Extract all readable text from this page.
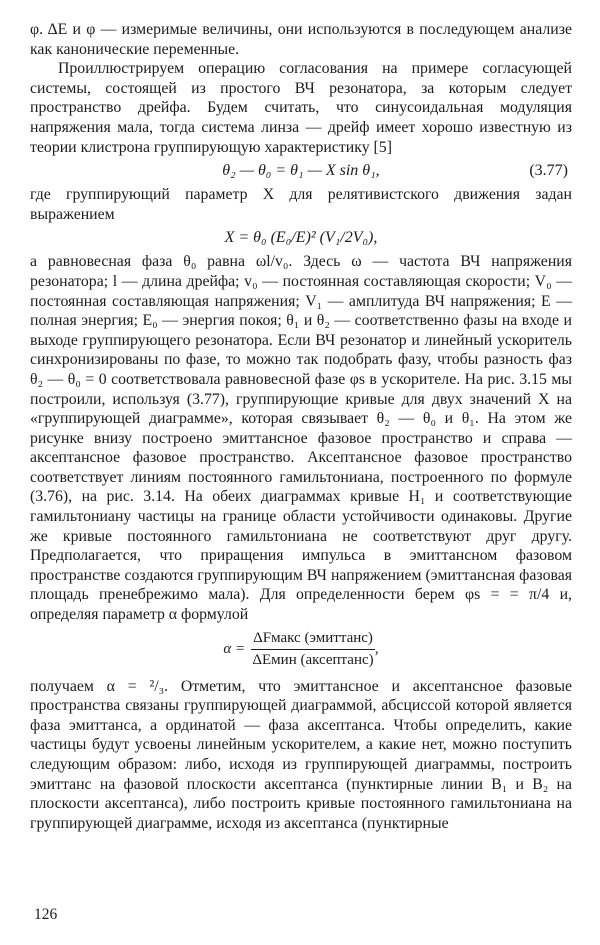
φ. ΔE и φ — измеримые величины, они используются в последующем анализе как канонические переменные.

Проиллюстрируем операцию согласования на примере согласующей системы, состоящей из простого ВЧ резонатора, за которым следует пространство дрейфа. Будем считать, что синусоидальная модуляция напряжения мала, тогда система линза — дрейф имеет хорошо известную из теории клистрона группирующую характеристику [5]

θ₂ — θ₀ = θ₁ — X sin θ₁,	(3.77)

где группирующий параметр X для релятивистского движения задан выражением

X = θ₀ (E₀/E)² (V₁/2V₀),

а равновесная фаза θ₀ равна ωl/v₀. Здесь ω — частота ВЧ напряжения резонатора; l — длина дрейфа; v₀ — постоянная составляющая скорости; V₀ — постоянная составляющая напряжения; V₁ — амплитуда ВЧ напряжения; E — полная энергия; E₀ — энергия покоя; θ₁ и θ₂ — соответственно фазы на входе и выходе группирующего резонатора. Если ВЧ резонатор и линейный ускоритель синхронизированы по фазе, то можно так подобрать фазу, чтобы разность фаз θ₂ — θ₀ = 0 соответствовала равновесной фазе φs в ускорителе. На рис. 3.15 мы построили, используя (3.77), группирующие кривые для двух значений X на «группирующей диаграмме», которая связывает θ₂ — θ₀ и θ₁. На этом же рисунке внизу построено эмиттансное фазовое пространство и справа — аксептансное фазовое пространство. Аксептансное фазовое пространство соответствует линиям постоянного гамильтониана, построенного по формуле (3.76), на рис. 3.14. На обеих диаграммах кривые H₁ и соответствующие гамильтониану частицы на границе области устойчивости одинаковы. Другие же кривые постоянного гамильтониана не соответствуют друг другу. Предполагается, что приращения импульса в эмиттансном фазовом пространстве создаются группирующим ВЧ напряжением (эмиттансная фазовая площадь пренебрежимо мала). Для определенности берем φs = = π/4 и, определяя параметр α формулой

$\alpha = \frac{\text{ΔFмакс (эмиттанс)}}{\text{ΔEмин (аксептанс)}}$ ,

получаем α = ²/₃. Отметим, что эмиттансное и аксептансное фазовые пространства связаны группирующей диаграммой, абсциссой которой является фаза эмиттанса, а ординатой — фаза аксептанса. Чтобы определить, какие частицы будут усвоены линейным ускорителем, а какие нет, можно поступить следующим образом: либо, исходя из группирующей диаграммы, построить эмиттанс на фазовой плоскости аксептанса (пунктирные линии B₁ и B₂ на плоскости аксептанса), либо построить кривые постоянного гамильтониана на группирующей диаграмме, исходя из аксептанса (пунктирные

126
